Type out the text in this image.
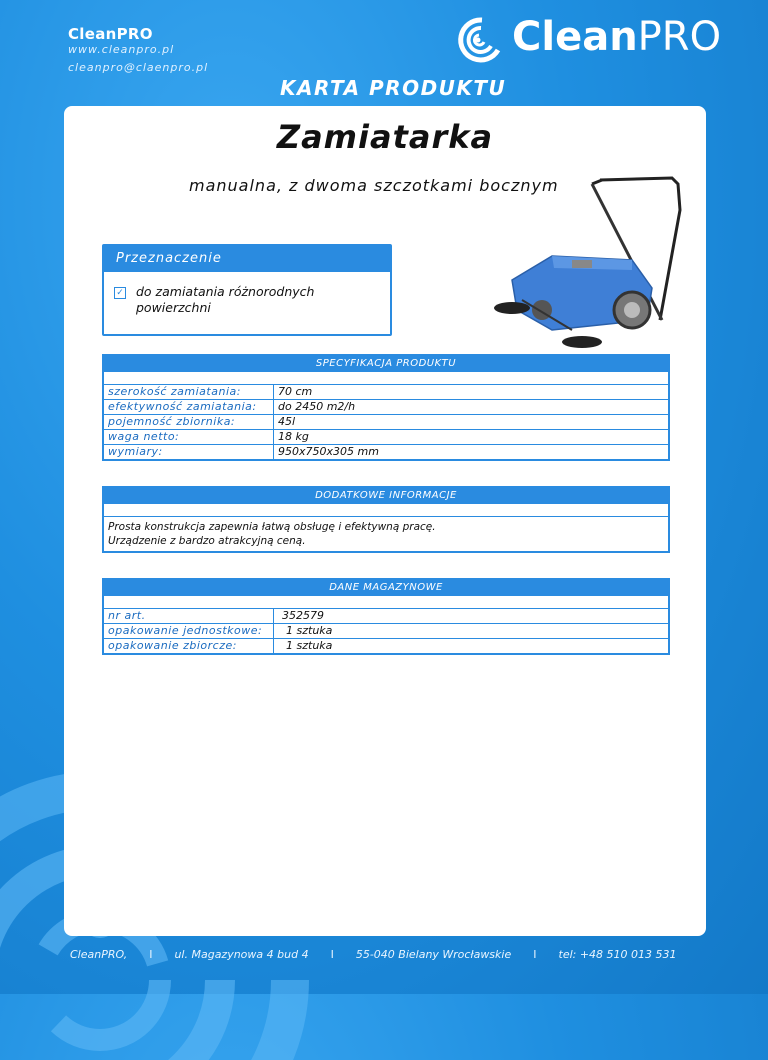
CleanPRO
www.cleanpro.pl
cleanpro@claenpro.pl
CleanPRO
KARTA PRODUKTU
Zamiatarka
manualna, z dwoma szczotkami bocznym
Przeznaczenie
✓ do zamiatania różnorodnych powierzchni
SPECYFIKACJA PRODUKTU
szerokość zamiatania:	70 cm
efektywność zamiatania:	do 2450 m2/h
pojemność zbiornika:	45l
waga netto:	18 kg
wymiary:	950x750x305 mm
DODATKOWE INFORMACJE
Prosta konstrukcja zapewnia łatwą obsługę i efektywną pracę.
Urządzenie z bardzo atrakcyjną ceną.
DANE MAGAZYNOWE
nr art.	352579
opakowanie jednostkowe:	1 sztuka
opakowanie zbiorcze:	1 sztuka
CleanPRO, I ul. Magazynowa 4 bud 4 I 55-040 Bielany Wrocławskie I tel: +48 510 013 531
